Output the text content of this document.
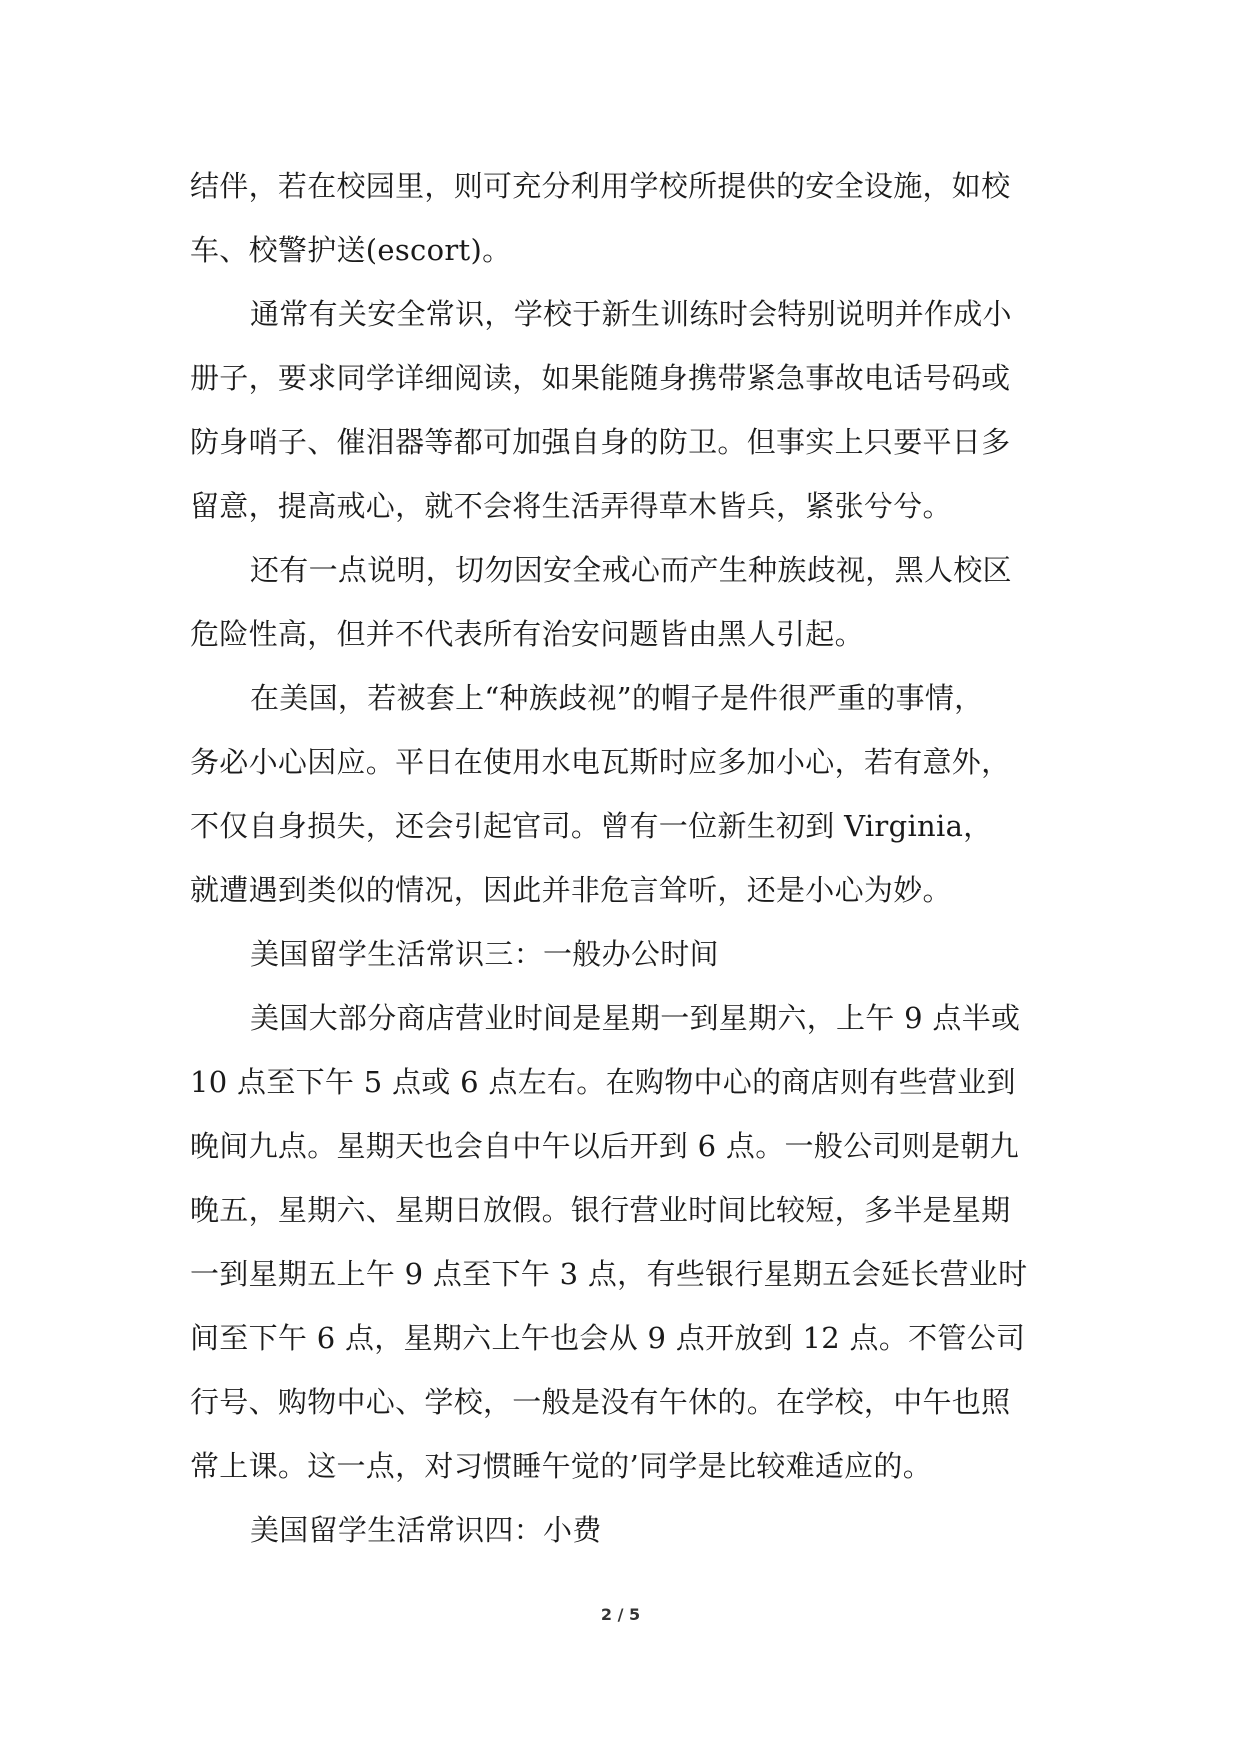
结伴，若在校园里，则可充分利用学校所提供的安全设施，如校
车、校警护送(escort)。
通常有关安全常识，学校于新生训练时会特别说明并作成小
册子，要求同学详细阅读，如果能随身携带紧急事故电话号码或
防身哨子、催泪器等都可加强自身的防卫。但事实上只要平日多
留意，提高戒心，就不会将生活弄得草木皆兵，紧张兮兮。
还有一点说明，切勿因安全戒心而产生种族歧视，黑人校区
危险性高，但并不代表所有治安问题皆由黑人引起。
在美国，若被套上“种族歧视”的帽子是件很严重的事情，
务必小心因应。平日在使用水电瓦斯时应多加小心，若有意外，
不仅自身损失，还会引起官司。曾有一位新生初到 Virginia，
就遭遇到类似的情况，因此并非危言耸听，还是小心为妙。
美国留学生活常识三：一般办公时间
美国大部分商店营业时间是星期一到星期六，上午 9 点半或
10 点至下午 5 点或 6 点左右。在购物中心的商店则有些营业到
晚间九点。星期天也会自中午以后开到 6 点。一般公司则是朝九
晚五，星期六、星期日放假。银行营业时间比较短，多半是星期
一到星期五上午 9 点至下午 3 点，有些银行星期五会延长营业时
间至下午 6 点，星期六上午也会从 9 点开放到 12 点。不管公司
行号、购物中心、学校，一般是没有午休的。在学校，中午也照
常上课。这一点，对习惯睡午觉的’同学是比较难适应的。
美国留学生活常识四：小费
2 / 5
